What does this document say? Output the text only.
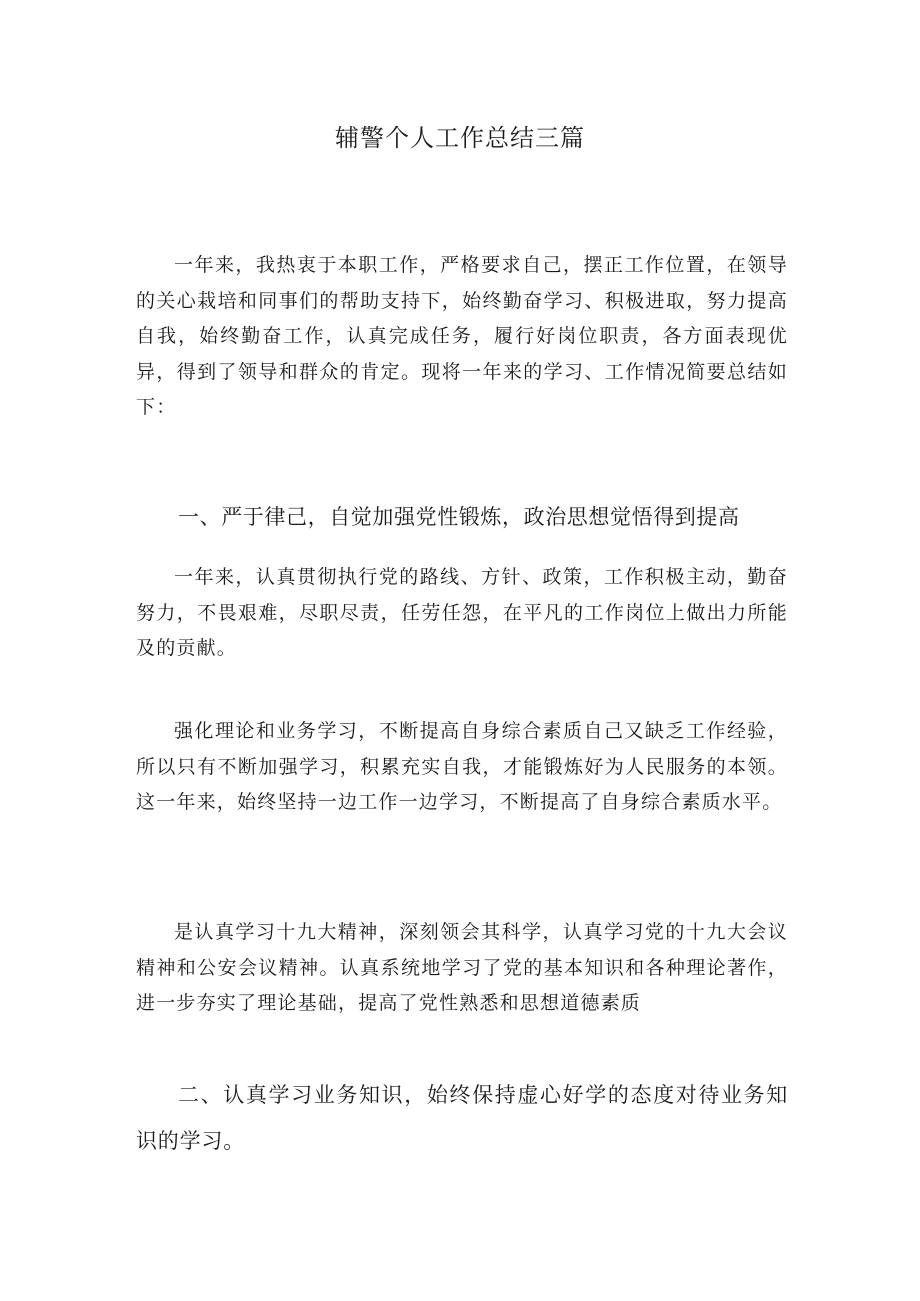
辅警个人工作总结三篇

一年来，我热衷于本职工作，严格要求自己，摆正工作位置，在领导的关心栽培和同事们的帮助支持下，始终勤奋学习、积极进取，努力提高自我，始终勤奋工作，认真完成任务，履行好岗位职责，各方面表现优异，得到了领导和群众的肯定。现将一年来的学习、工作情况简要总结如下：

一、严于律己，自觉加强党性锻炼，政治思想觉悟得到提高

一年来，认真贯彻执行党的路线、方针、政策，工作积极主动，勤奋努力，不畏艰难，尽职尽责，任劳任怨，在平凡的工作岗位上做出力所能及的贡献。

强化理论和业务学习，不断提高自身综合素质自己又缺乏工作经验，所以只有不断加强学习，积累充实自我，才能锻炼好为人民服务的本领。这一年来，始终坚持一边工作一边学习，不断提高了自身综合素质水平。

是认真学习十九大精神，深刻领会其科学，认真学习党的十九大会议精神和公安会议精神。认真系统地学习了党的基本知识和各种理论著作，进一步夯实了理论基础，提高了党性熟悉和思想道德素质

二、认真学习业务知识，始终保持虚心好学的态度对待业务知识的学习。
